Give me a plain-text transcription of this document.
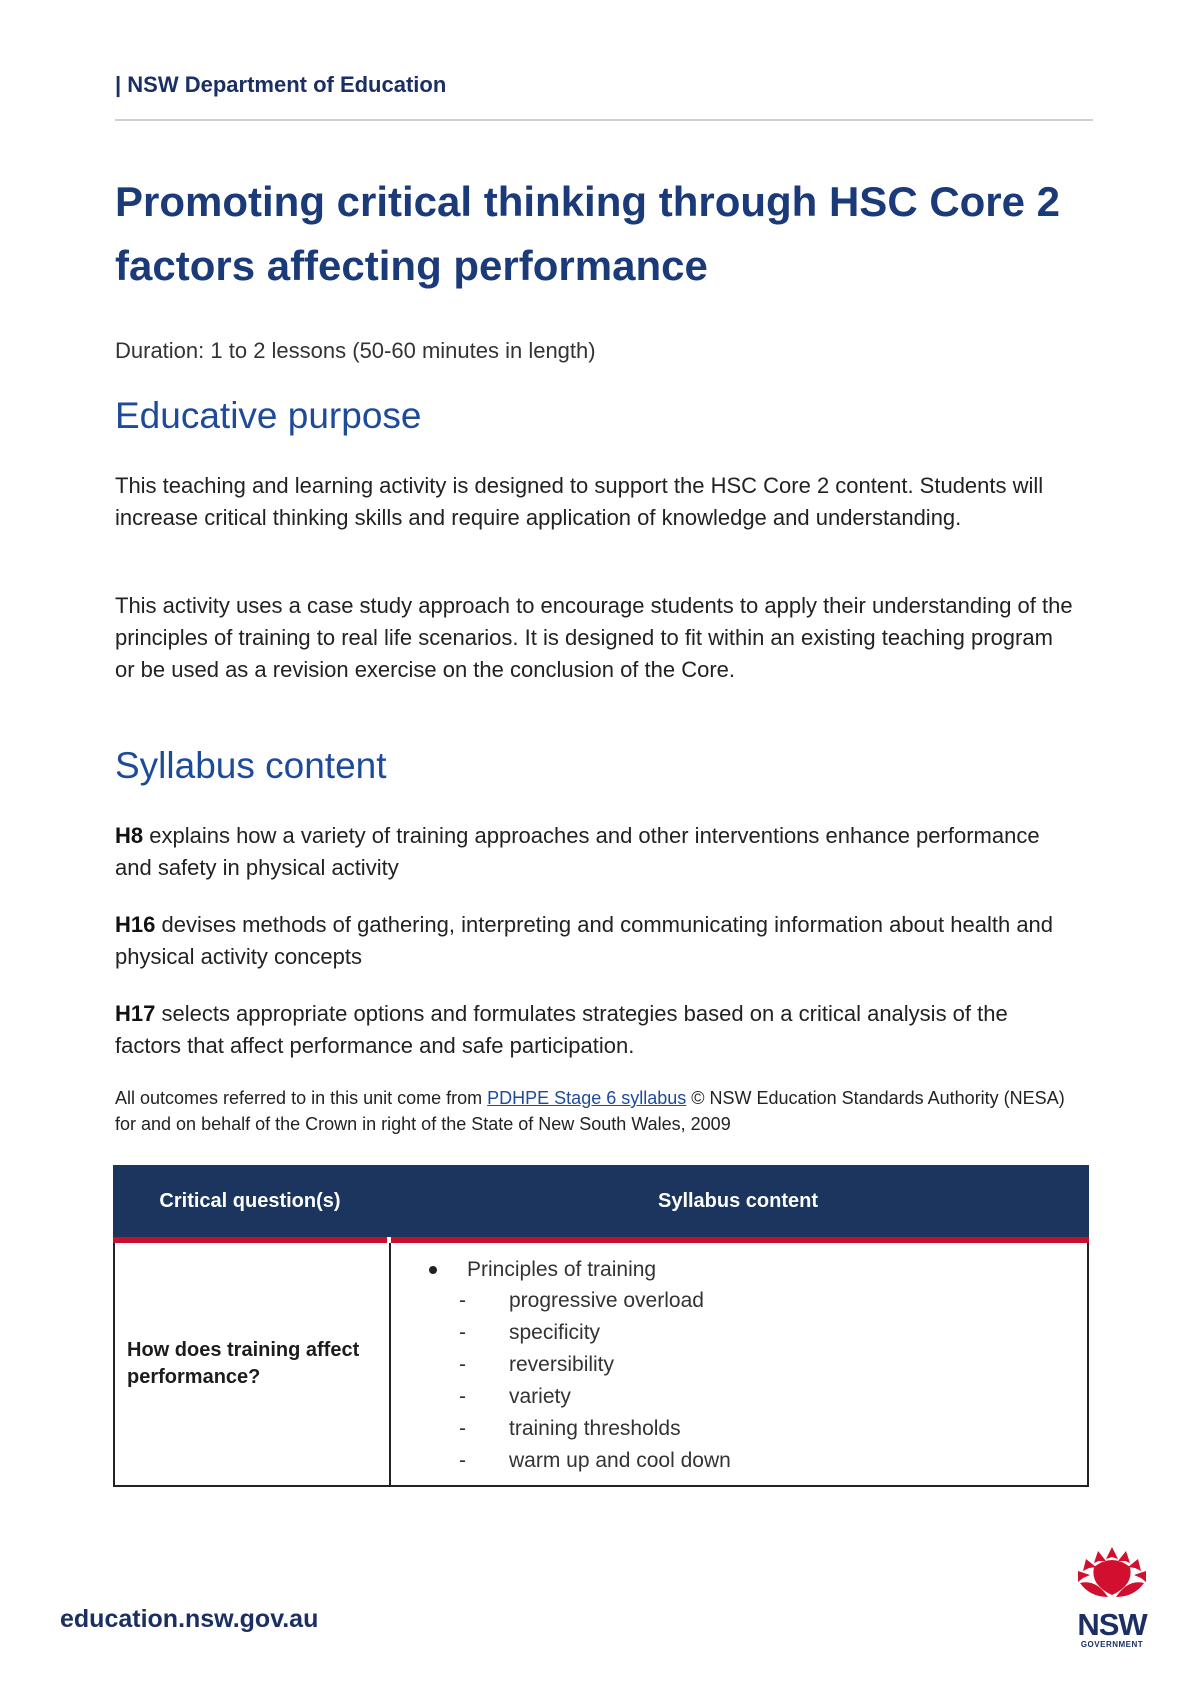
| NSW Department of Education
Promoting critical thinking through HSC Core 2 factors affecting performance
Duration: 1 to 2 lessons (50-60 minutes in length)
Educative purpose

This teaching and learning activity is designed to support the HSC Core 2 content. Students will increase critical thinking skills and require application of knowledge and understanding.

This activity uses a case study approach to encourage students to apply their understanding of the principles of training to real life scenarios. It is designed to fit within an existing teaching program or be used as a revision exercise on the conclusion of the Core.

Syllabus content

H8 explains how a variety of training approaches and other interventions enhance performance and safety in physical activity

H16 devises methods of gathering, interpreting and communicating information about health and physical activity concepts

H17 selects appropriate options and formulates strategies based on a critical analysis of the factors that affect performance and safe participation.

All outcomes referred to in this unit come from PDHPE Stage 6 syllabus © NSW Education Standards Authority (NESA) for and on behalf of the Crown in right of the State of New South Wales, 2009
Critical question(s)	Syllabus content
How does training affect performance?
Principles of training
-	progressive overload
-	specificity
-	reversibility
-	variety
-	training thresholds
-	warm up and cool down
education.nsw.gov.au	NSW
GOVERNMENT
